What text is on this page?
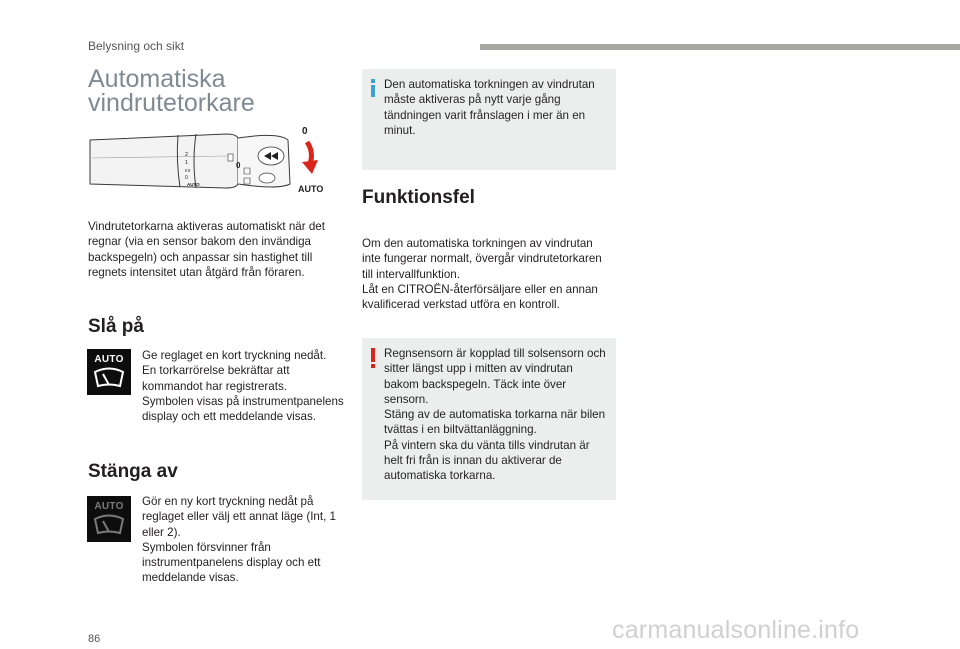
Belysning och sikt
Automatiska
vindrutetorkare
2
1
Int
0
AUTO
0
0
AUTO
Vindrutetorkarna aktiveras automatiskt när det regnar (via en sensor bakom den invändiga backspegeln) och anpassar sin hastighet till regnets intensitet utan åtgärd från föraren.
Slå på
AUTO	Ge reglaget en kort tryckning nedåt.
En torkarrörelse bekräftar att kommandot har registrerats.
Symbolen visas på instrumentpanelens display och ett meddelande visas.
Stänga av
AUTO	Gör en ny kort tryckning nedåt på reglaget eller välj ett annat läge (Int, 1 eller 2).
Symbolen försvinner från instrumentpanelens display och ett meddelande visas.
Den automatiska torkningen av vindrutan måste aktiveras på nytt varje gång tändningen varit frånslagen i mer än en minut.
Funktionsfel
Om den automatiska torkningen av vindrutan inte fungerar normalt, övergår vindrutetorkaren till intervallfunktion.
Låt en CITROËN-återförsäljare eller en annan kvalificerad verkstad utföra en kontroll.
Regnsensorn är kopplad till solsensorn och sitter längst upp i mitten av vindrutan bakom backspegeln. Täck inte över sensorn.
Stäng av de automatiska torkarna när bilen tvättas i en biltvättanläggning.
På vintern ska du vänta tills vindrutan är helt fri från is innan du aktiverar de automatiska torkarna.
carmanualsonline.info
86
